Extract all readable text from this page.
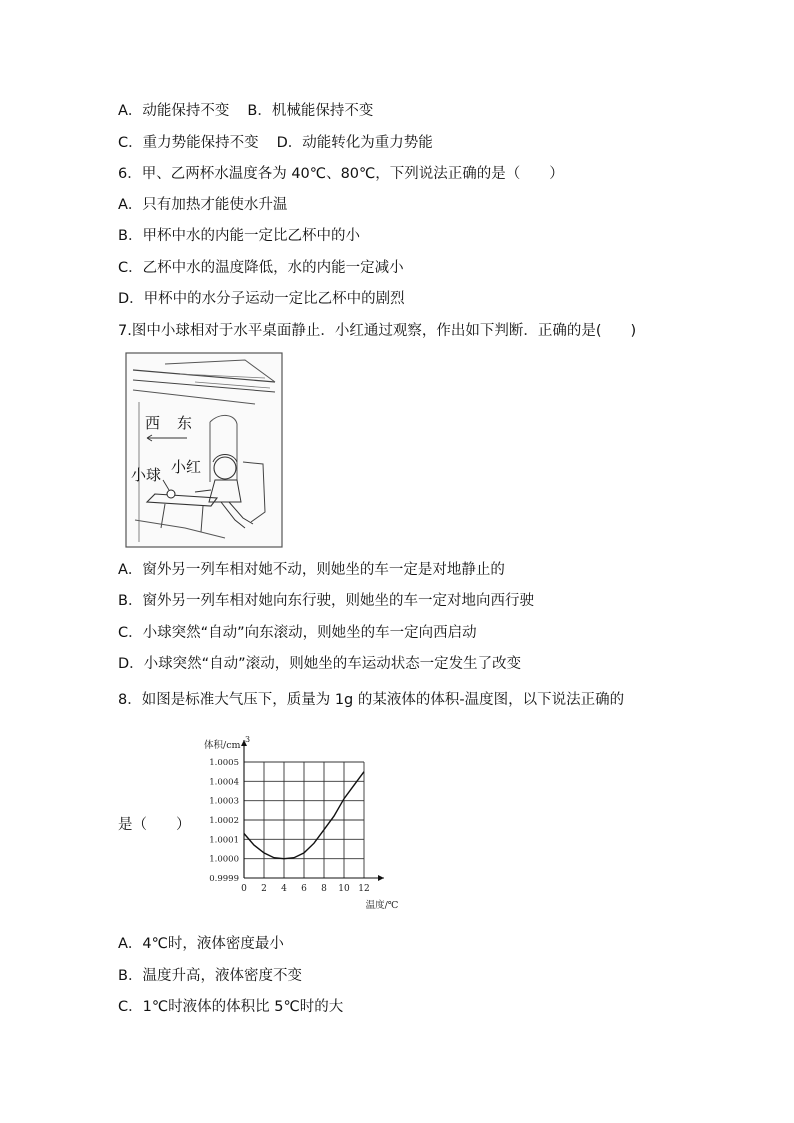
A．动能保持不变 B．机械能保持不变
C．重力势能保持不变 D．动能转化为重力势能
6．甲、乙两杯水温度各为 40℃、80℃，下列说法正确的是（　　）
A．只有加热才能使水升温
B．甲杯中水的内能一定比乙杯中的小
C．乙杯中水的温度降低，水的内能一定减小
D．甲杯中的水分子运动一定比乙杯中的剧烈
7.图中小球相对于水平桌面静止．小红通过观察，作出如下判断．正确的是(　　)
西 东
小红
小球
A．窗外另一列车相对她不动，则她坐的车一定是对地静止的
B．窗外另一列车相对她向东行驶，则她坐的车一定对地向西行驶
C．小球突然“自动”向东滚动，则她坐的车一定向西启动
D．小球突然“自动”滚动，则她坐的车运动状态一定发生了改变
8．如图是标准大气压下，质量为 1g 的某液体的体积-温度图，以下说法正确的
0 2 4 6 8 10 12
0.9999
1.0000
1.0001
1.0002
1.0003
1.0004
1.0005
体积/cm
3
温度/℃
是（　　）
A．4℃时，液体密度最小
B．温度升高，液体密度不变
C．1℃时液体的体积比 5℃时的大
